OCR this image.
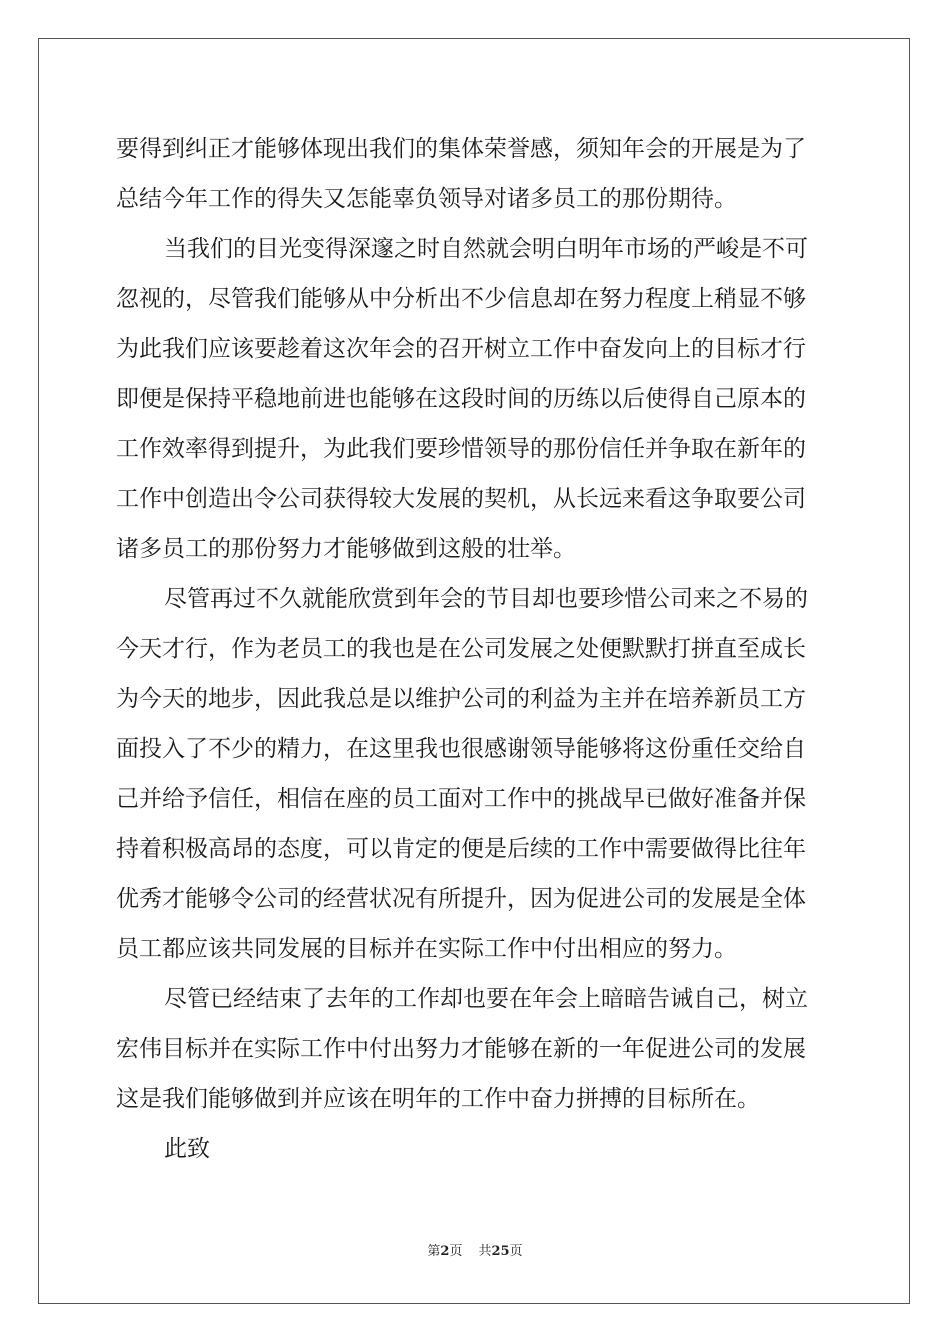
要得到纠正才能够体现出我们的集体荣誉感，须知年会的开展是为了
总结今年工作的得失又怎能辜负领导对诸多员工的那份期待。
当我们的目光变得深邃之时自然就会明白明年市场的严峻是不可
忽视的，尽管我们能够从中分析出不少信息却在努力程度上稍显不够
为此我们应该要趁着这次年会的召开树立工作中奋发向上的目标才行
即便是保持平稳地前进也能够在这段时间的历练以后使得自己原本的
工作效率得到提升，为此我们要珍惜领导的那份信任并争取在新年的
工作中创造出令公司获得较大发展的契机，从长远来看这争取要公司
诸多员工的那份努力才能够做到这般的壮举。
尽管再过不久就能欣赏到年会的节目却也要珍惜公司来之不易的
今天才行，作为老员工的我也是在公司发展之处便默默打拼直至成长
为今天的地步，因此我总是以维护公司的利益为主并在培养新员工方
面投入了不少的精力，在这里我也很感谢领导能够将这份重任交给自
己并给予信任，相信在座的员工面对工作中的挑战早已做好准备并保
持着积极高昂的态度，可以肯定的便是后续的工作中需要做得比往年
优秀才能够令公司的经营状况有所提升，因为促进公司的发展是全体
员工都应该共同发展的目标并在实际工作中付出相应的努力。
尽管已经结束了去年的工作却也要在年会上暗暗告诫自己，树立
宏伟目标并在实际工作中付出努力才能够在新的一年促进公司的发展
这是我们能够做到并应该在明年的工作中奋力拼搏的目标所在。
此致
第2页 共25页
